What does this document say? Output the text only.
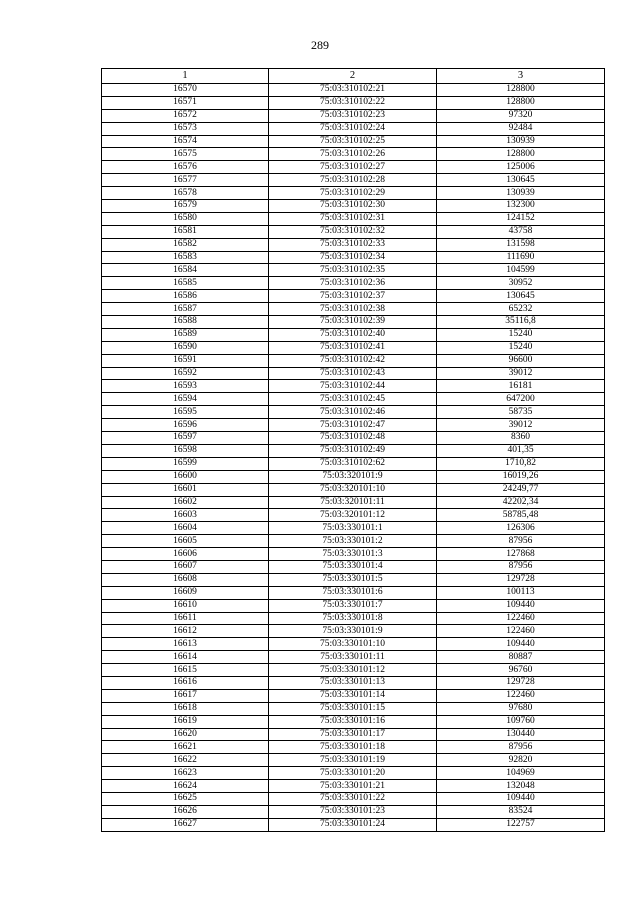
289
1	2	3
16570	75:03:310102:21	128800
16571	75:03:310102:22	128800
16572	75:03:310102:23	97320
16573	75:03:310102:24	92484
16574	75:03:310102:25	130939
16575	75:03:310102:26	128800
16576	75:03:310102:27	125006
16577	75:03:310102:28	130645
16578	75:03:310102:29	130939
16579	75:03:310102:30	132300
16580	75:03:310102:31	124152
16581	75:03:310102:32	43758
16582	75:03:310102:33	131598
16583	75:03:310102:34	111690
16584	75:03:310102:35	104599
16585	75:03:310102:36	30952
16586	75:03:310102:37	130645
16587	75:03:310102:38	65232
16588	75:03:310102:39	35116,8
16589	75:03:310102:40	15240
16590	75:03:310102:41	15240
16591	75:03:310102:42	96600
16592	75:03:310102:43	39012
16593	75:03:310102:44	16181
16594	75:03:310102:45	647200
16595	75:03:310102:46	58735
16596	75:03:310102:47	39012
16597	75:03:310102:48	8360
16598	75:03:310102:49	401,35
16599	75:03:310102:62	1710,82
16600	75:03:320101:9	16019,26
16601	75:03:320101:10	24249,77
16602	75:03:320101:11	42202,34
16603	75:03:320101:12	58785,48
16604	75:03:330101:1	126306
16605	75:03:330101:2	87956
16606	75:03:330101:3	127868
16607	75:03:330101:4	87956
16608	75:03:330101:5	129728
16609	75:03:330101:6	100113
16610	75:03:330101:7	109440
16611	75:03:330101:8	122460
16612	75:03:330101:9	122460
16613	75:03:330101:10	109440
16614	75:03:330101:11	80887
16615	75:03:330101:12	96760
16616	75:03:330101:13	129728
16617	75:03:330101:14	122460
16618	75:03:330101:15	97680
16619	75:03:330101:16	109760
16620	75:03:330101:17	130440
16621	75:03:330101:18	87956
16622	75:03:330101:19	92820
16623	75:03:330101:20	104969
16624	75:03:330101:21	132048
16625	75:03:330101:22	109440
16626	75:03:330101:23	83524
16627	75:03:330101:24	122757
